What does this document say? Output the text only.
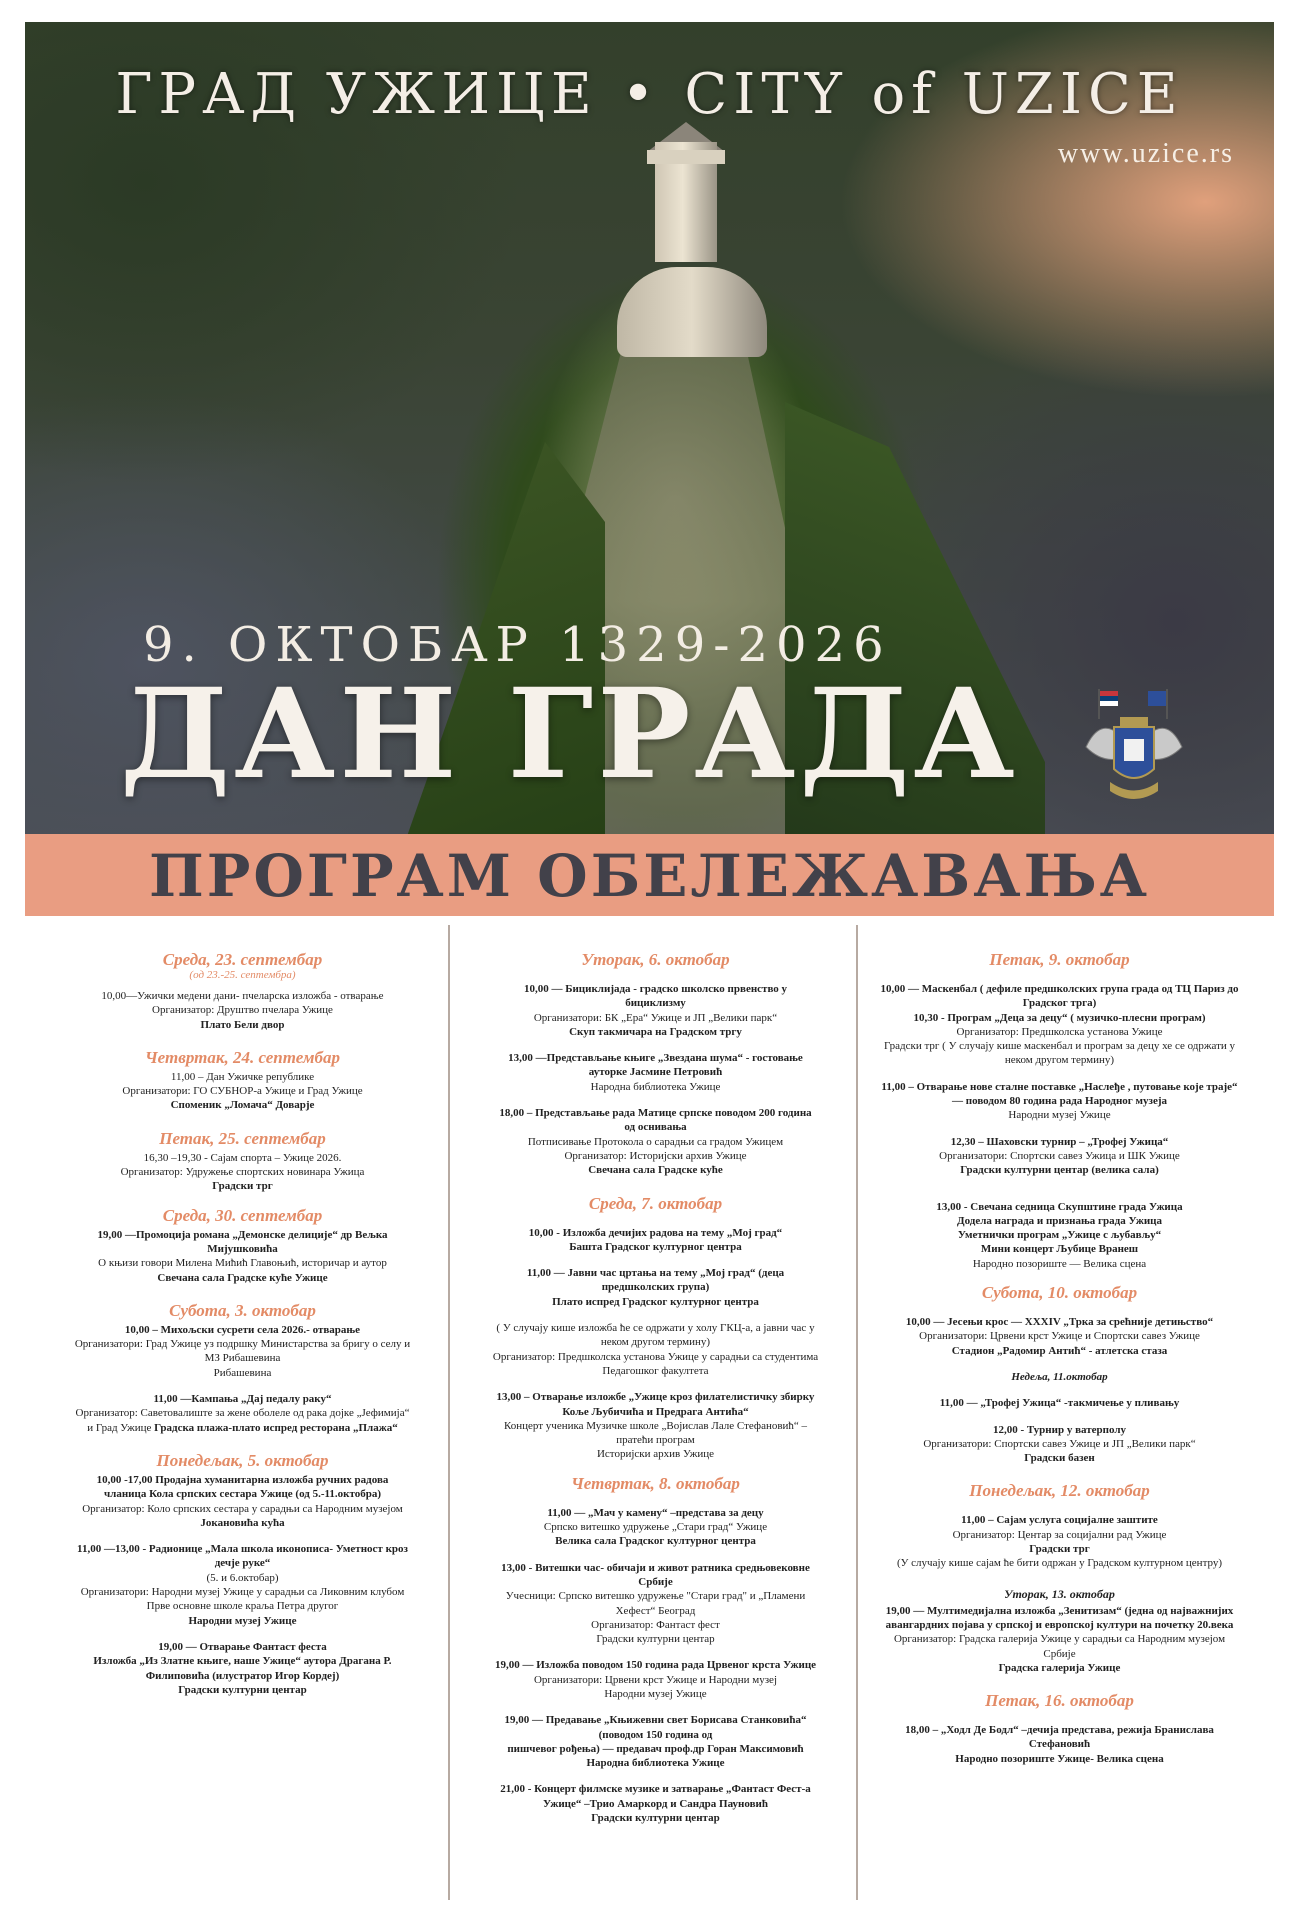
ГРАД УЖИЦЕ • CITY of UZICE
www.uzice.rs
9. ОКТОБАР 1329-2026
ДАН ГРАДА
ПРОГРАМ ОБЕЛЕЖАВАЊА
Среда, 23. септембар
(од 23.-25. септембра)
10,00—Ужички медени дани- пчеларска изложба - отварање
Организатор: Друштво пчелара Ужице
Плато Бели двор
Четвртак, 24. септембар
11,00 – Дан Ужичке републике
Организатори: ГО СУБНОР-а Ужице и Град Ужице
Споменик „Ломача“ Доварје
Петак, 25. септембар
16,30 –19,30 - Сајам спорта – Ужице 2026.
Организатор: Удружење спортских новинара Ужица
Градски трг
Среда, 30. септембар
19,00 —Промоција романа „Демонске делиције“ др Вељка
Мијушковића
О књизи говори Милена Мићић Главоњић, историчар и аутор
Свечана сала Градске куће Ужице
Субота, 3. октобар
10,00 – Михољски сусрети села 2026.- отварање
Организатори: Град Ужице уз подршку Министарства за бригу о селу и
МЗ Рибашевина
Рибашевина
11,00 —Кампања „Дај педалу раку“
Организатор: Саветовалиште за жене оболеле од рака дојке „Јефимија“
и Град Ужице Градска плажа-плато испред ресторана „Плажа“
Понедељак, 5. октобар
10,00 -17,00 Продајна хуманитарна изложба ручних радова
чланица Кола српских сестара Ужице (од 5.-11.октобра)
Организатор: Коло српских сестара у сарадњи са Народним музејом
Јокановића кућа
11,00 —13,00 - Радионице „Мала школа иконописа- Уметност кроз
дечје руке“
(5. и 6.октобар)
Организатори: Народни музеј Ужице у сарадњи са Ликовним клубом
Прве основне школе краља Петра другог
Народни музеј Ужице
19,00 — Отварање Фантаст феста
Изложба „Из Златне књиге, наше Ужице“ аутора Драгана Р.
Филиповића (илустратор Игор Кордеј)
Градски културни центар
Уторак, 6. октобар
10,00 — Бициклијада - градско школско првенство у
бициклизму
Организатори: БК „Ера“ Ужице и ЈП „Велики парк“
Скуп такмичара на Градском тргу
13,00 —Представљање књиге „Звездана шума“ - гостовање
ауторке Јасмине Петровић
Народна библиотека Ужице
18,00 – Представљање рада Матице српске поводом 200 година
од оснивања
Потписивање Протокола о сарадњи са градом Ужицем
Организатор: Историјски архив Ужице
Свечана сала Градске куће
Среда, 7. октобар
10,00 - Изложба дечијих радова на тему „Мој град“
Башта Градског културног центра
11,00 — Јавни час цртања на тему „Мој град“ (деца
предшколских група)
Плато испред Градског културног центра
( У случају кише изложба ће се одржати у холу ГКЦ-а, а јавни час у
неком другом термину)
Организатор: Предшколска установа Ужице у сарадњи са студентима
Педагошког факултета
13,00 – Отварање изложбе „Ужице кроз филателистичку збирку
Коље Љубичића и Предрага Антића“
Концерт ученика Музичке школе „Војислав Лале Стефановић“ –
пратећи програм
Историјски архив Ужице
Четвртак, 8. октобар
11,00 — „Мач у камену“ –представа за децу
Српско витешко удружење „Стари град“ Ужице
Велика сала Градског културног центра
13,00 - Витешки час- обичаји и живот ратника средњовековне
Србије
Учесници: Српско витешко удружење "Стари град" и „Пламени
Хефест“ Београд
Организатор: Фантаст фест
Градски културни центар
19,00 — Изложба поводом 150 година рада Црвеног крста Ужице
Организатори: Црвени крст Ужице и Народни музеј
Народни музеј Ужице
19,00 — Предавање „Књижевни свет Борисава Станковића“
(поводом 150 година од
пишчевог рођења) — предавач проф.др Горан Максимовић
Народна библиотека Ужице
21,00 - Концерт филмске музике и затварање „Фантаст Фест-а
Ужице“ –Трио Амаркорд и Сандра Пауновић
Градски културни центар
Петак, 9. октобар
10,00 — Маскенбал ( дефиле предшколских група града од ТЦ Париз до
Градског трга)
10,30 - Програм „Деца за децу“ ( музичко-плесни програм)
Организатор: Предшколска установа Ужице
Градски трг ( У случају кише маскенбал и програм за децу хе се одржати у
неком другом термину)
11,00 – Отварање нове сталне поставке „Наслеђе , путовање које траје“
— поводом 80 година рада Народног музеја
Народни музеј Ужице
12,30 – Шаховски турнир – „Трофеј Ужица“
Организатори: Спортски савез Ужица и ШК Ужице
Градски културни центар (велика сала)
13,00 - Свечана седница Скупштине града Ужица
Додела награда и признања града Ужица
Уметнички програм „Ужице с љубављу“
Мини концерт Љубице Вранеш
Народно позориште — Велика сцена
Субота, 10. октобар
10,00 — Јесењи крос — XXXIV „Трка за срећније детињство“
Организатори: Црвени крст Ужице и Спортски савез Ужице
Стадион „Радомир Антић“ - атлетска стаза
Недеља, 11.октобар
11,00 — „Трофеј Ужица“ -такмичење у пливању
12,00 - Турнир у ватерполу
Организатори: Спортски савез Ужице и ЈП „Велики парк“
Градски базен
Понедељак, 12. октобар
11,00 – Сајам услуга социјалне заштите
Организатор: Центар за социјални рад Ужице
Градски трг
(У случају кише сајам ће бити одржан у Градском културном центру)
Уторак, 13. октобар
19,00 — Мултимедијална изложба „Зенитизам“ (једна од најважнијих
авангардних појава у српској и европској култури на почетку 20.века
Организатор: Градска галерија Ужице у сарадњи са Народним музејом
Србије
Градска галерија Ужице
Петак, 16. октобар
18,00 – „Ходл Де Бодл“ –дечија представа, режија Бранислава
Стефановић
Народно позориште Ужице- Велика сцена
